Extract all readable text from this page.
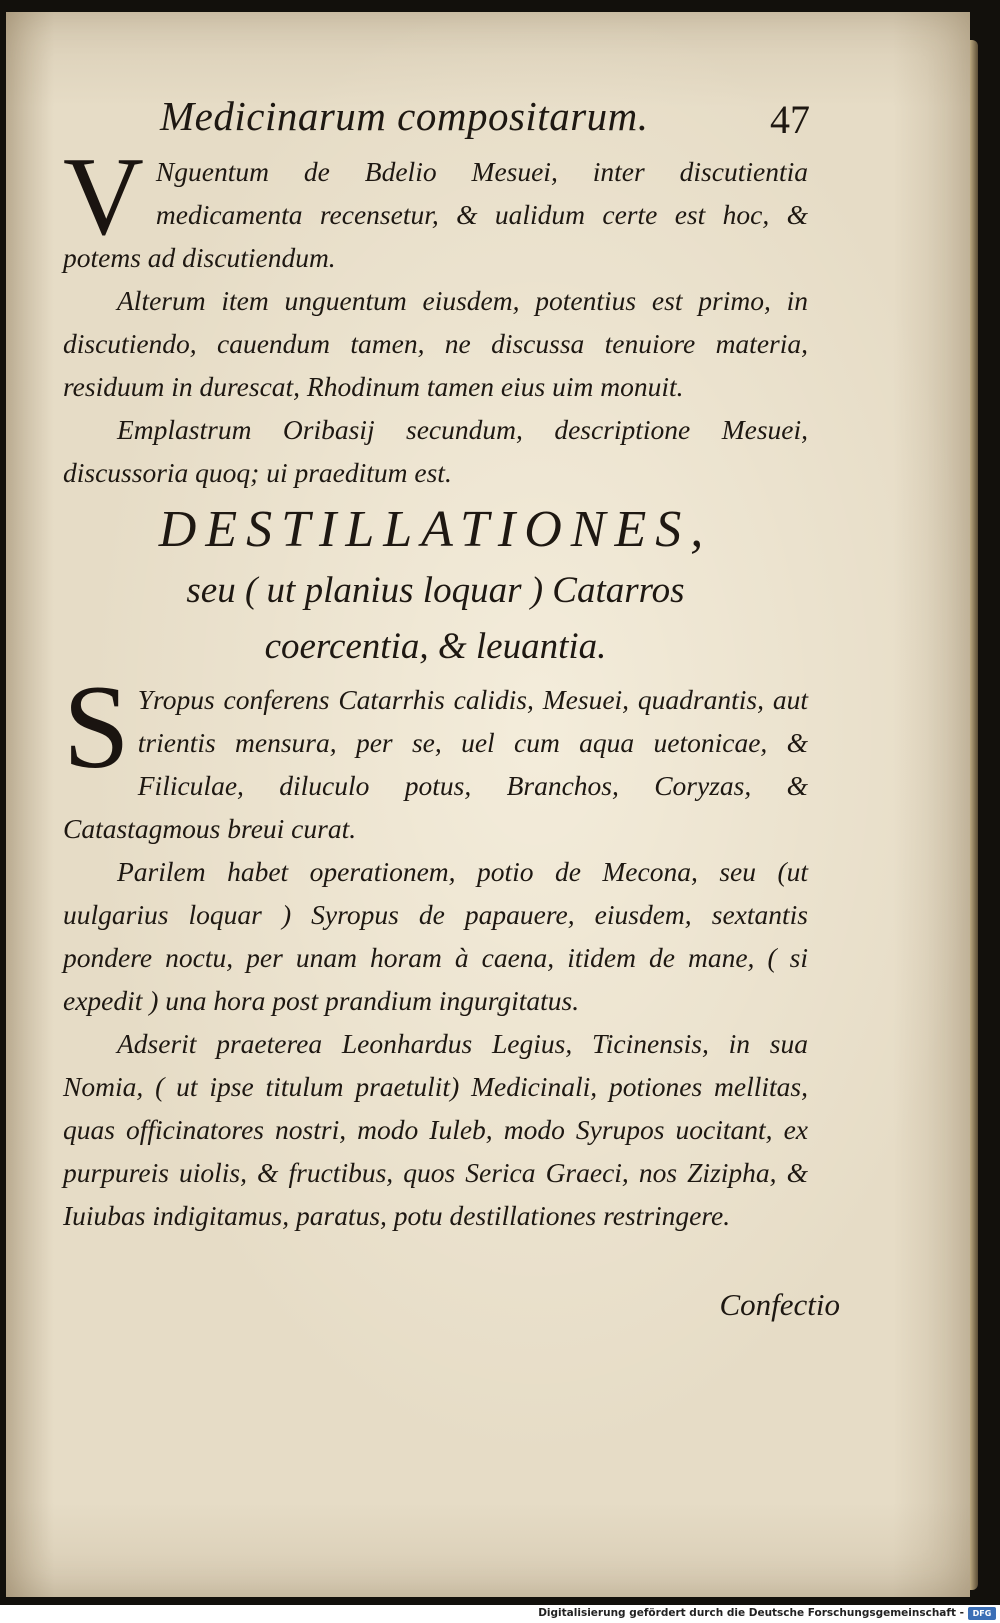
Medicinarum compositarum.	47

V Nguentum de Bdelio Mesuei, inter discutientia medicamenta recensetur, & ualidum certe est hoc, & potems ad discutiendum.

Alterum item unguentum eiusdem, potentius est primo, in discutiendo, cauendum tamen, ne discussa tenuiore materia, residuum in durescat, Rhodinum tamen eius uim monuit.

Emplastrum Oribasij secundum, descriptione Mesuei, discussoria quoq; ui praeditum est.

DESTILLATIONES,
seu ( ut planius loquar ) Catarros
coercentia, & leuantia.

S Yropus conferens Catarrhis calidis, Mesuei, quadrantis, aut trientis mensura, per se, uel cum aqua uetonicae, & Filiculae, diluculo potus, Branchos, Coryzas, & Catastagmous breui curat.

Parilem habet operationem, potio de Mecona, seu (ut uulgarius loquar ) Syropus de papauere, eiusdem, sextantis pondere noctu, per unam horam à caena, itidem de mane, ( si expedit ) una hora post prandium ingurgitatus.

Adserit praeterea Leonhardus Legius, Ticinensis, in sua Nomia, ( ut ipse titulum praetulit) Medicinali, potiones mellitas, quas officinatores nostri, modo Iuleb, modo Syrupos uocitant, ex purpureis uiolis, & fructibus, quos Serica Graeci, nos Zizipha, & Iuiubas indigitamus, paratus, potu destillationes restringere.

Confectio
Digitalisierung gefördert durch die Deutsche Forschungsgemeinschaft -	DFG
